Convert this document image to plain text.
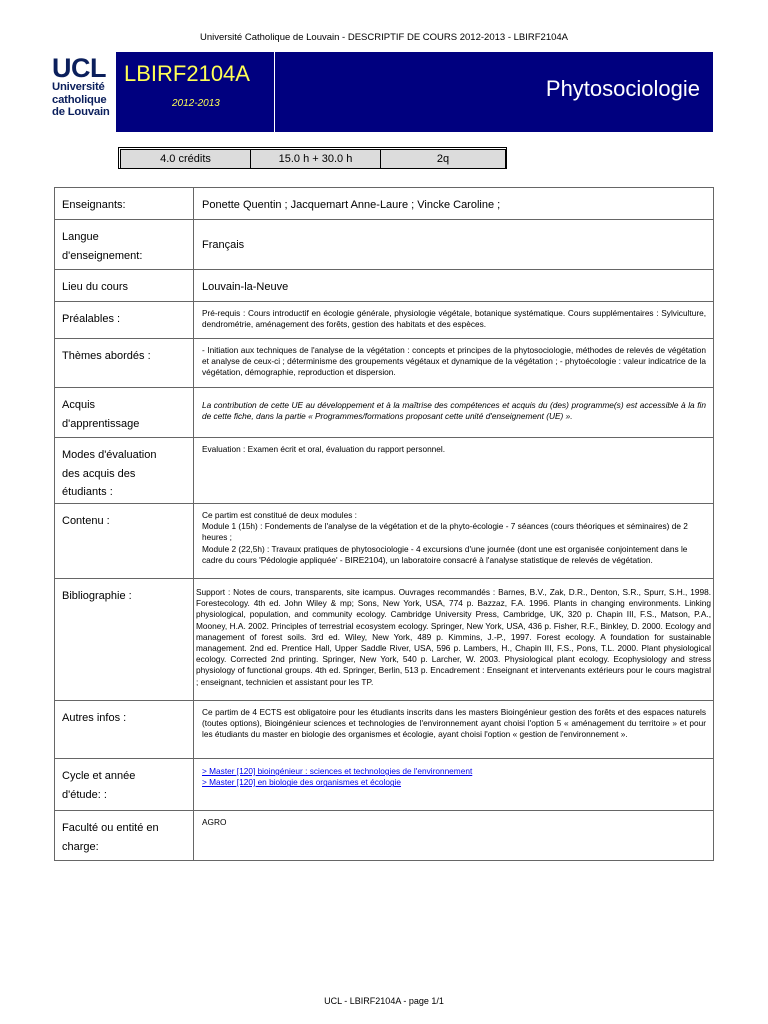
Université Catholique de Louvain - DESCRIPTIF DE COURS 2012-2013 - LBIRF2104A
UCL
Université
catholique
de Louvain
LBIRF2104A
2012-2013
Phytosociologie
4.0 crédits	15.0 h + 30.0 h	2q
Enseignants:	Ponette Quentin ; Jacquemart Anne-Laure ; Vincke Caroline ;
Langue
d'enseignement:	Français
Lieu du cours	Louvain-la-Neuve
Préalables :	Pré-requis : Cours introductif en écologie générale, physiologie végétale, botanique systématique. Cours supplémentaires : Sylviculture, dendrométrie, aménagement des forêts, gestion des habitats et des espèces.
Thèmes abordés :	- Initiation aux techniques de l'analyse de la végétation : concepts et principes de la phytosociologie, méthodes de relevés de végétation et analyse de ceux-ci ; déterminisme des groupements végétaux et dynamique de la végétation ; - phytoécologie : valeur indicatrice de la végétation, démographie, reproduction et dispersion.
Acquis
d'apprentissage	La contribution de cette UE au développement et à la maîtrise des compétences et acquis du (des) programme(s) est accessible à la fin de cette fiche, dans la partie « Programmes/formations proposant cette unité d'enseignement (UE) ».
Modes d'évaluation
des acquis des
étudiants :	Evaluation : Examen écrit et oral, évaluation du rapport personnel.
Contenu :	Ce partim est constitué de deux modules :
Module 1 (15h) : Fondements de l'analyse de la végétation et de la phyto-écologie - 7 séances (cours théoriques et séminaires) de 2 heures ;
Module 2 (22,5h) : Travaux pratiques de phytosociologie - 4 excursions d'une journée (dont une est organisée conjointement dans le cadre du cours 'Pédologie appliquée' - BIRE2104), un laboratoire consacré à l'analyse statistique de relevés de végétation.

Bibliographie :	Support : Notes de cours, transparents, site icampus. Ouvrages recommandés : Barnes, B.V., Zak, D.R., Denton, S.R., Spurr, S.H., 1998. Forestecology. 4th ed. John Wiley & mp; Sons, New York, USA, 774 p. Bazzaz, F.A. 1996. Plants in changing environments. Linking physiological, population, and community ecology. Cambridge University Press, Cambridge, UK, 320 p. Chapin III, F.S., Matson, P.A., Mooney, H.A. 2002. Principles of terrestrial ecosystem ecology. Springer, New York, USA, 436 p. Fisher, R.F., Binkley, D. 2000. Ecology and management of forest soils. 3rd ed. Wiley, New York, 489 p. Kimmins, J.-P., 1997. Forest ecology. A foundation for sustainable management. 2nd ed. Prentice Hall, Upper Saddle River, USA, 596 p. Lambers, H., Chapin III, F.S., Pons, T.L. 2000. Plant physiological ecology. Corrected 2nd printing. Springer, New York, 540 p. Larcher, W. 2003. Physiological plant ecology. Ecophysiology and stress physiology of functional groups. 4th ed. Springer, Berlin, 513 p. Encadrement : Enseignant et intervenants extérieurs pour le cours magistral ; enseignant, technicien et assistant pour les TP.

Autres infos :	Ce partim de 4 ECTS est obligatoire pour les étudiants inscrits dans les masters Bioingénieur gestion des forêts et des espaces naturels (toutes options), Bioingénieur sciences et technologies de l'environnement ayant choisi l'option 5 « aménagement du territoire » et pour les étudiants du master en biologie des organismes et écologie, ayant choisi l'option « gestion de l'environnement ».
Cycle et année
d'étude: :	> Master [120] bioingénieur : sciences et technologies de l'environnement
> Master [120] en biologie des organismes et écologie

Faculté ou entité en
charge:	AGRO
UCL - LBIRF2104A - page 1/1
